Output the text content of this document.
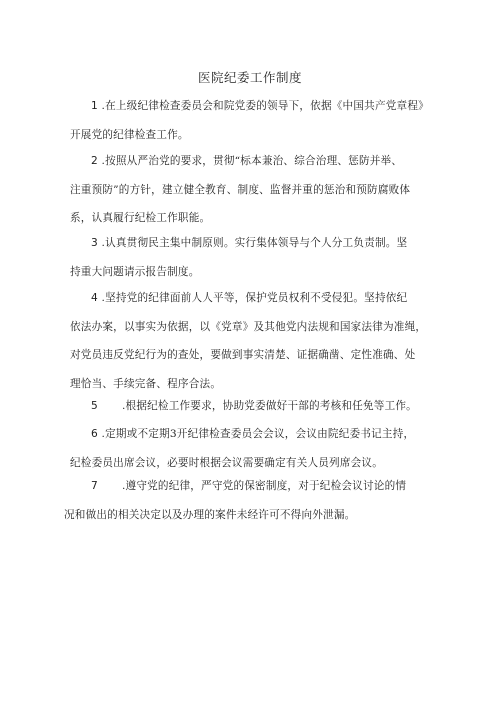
医院纪委工作制度
1 .在上级纪律检查委员会和院党委的领导下，依据《中国共产党章程》
开展党的纪律检查工作。
2 .按照从严治党的要求，贯彻“标本兼治、综合治理、惩防并举、
注重预防”的方针，建立健全教育、制度、监督并重的惩治和预防腐败体
系，认真履行纪检工作职能。
3 .认真贯彻民主集中制原则。实行集体领导与个人分工负责制。坚
持重大问题请示报告制度。
4 .坚持党的纪律面前人人平等，保护党员权利不受侵犯。坚持依纪
依法办案，以事实为依据，以《党章》及其他党内法规和国家法律为准绳，
对党员违反党纪行为的查处，要做到事实清楚、证据确凿、定性准确、处
理恰当、手续完备、程序合法。
5 .根据纪检工作要求，协助党委做好干部的考核和任免等工作。
6 .定期或不定期3开纪律检查委员会会议，会议由院纪委书记主持，
纪检委员出席会议，必要时根据会议需要确定有关人员列席会议。
7 .遵守党的纪律，严守党的保密制度，对于纪检会议讨论的情
况和做出的相关决定以及办理的案件未经许可不得向外泄漏。
